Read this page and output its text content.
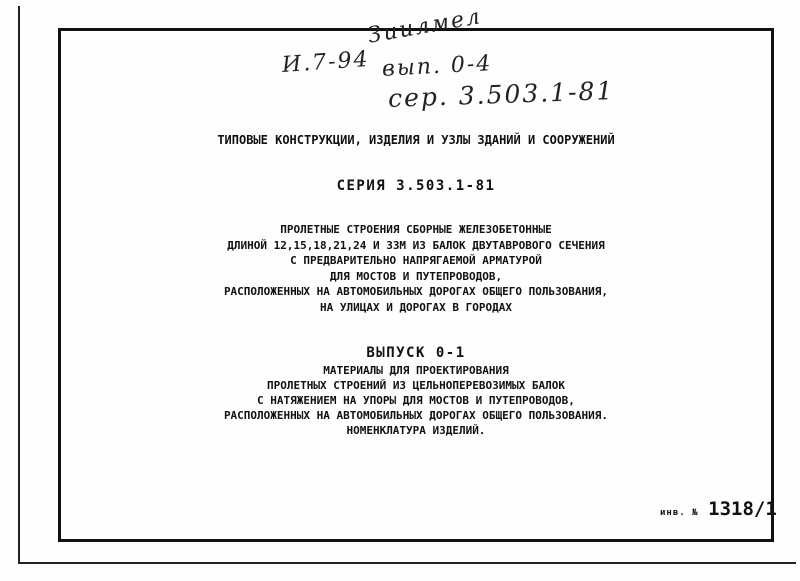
Зиилмел
И.7-94 вып. 0-4
сер. 3.503.1-81
ТИПОВЫЕ КОНСТРУКЦИИ, ИЗДЕЛИЯ И УЗЛЫ ЗДАНИЙ И СООРУЖЕНИЙ
СЕРИЯ 3.503.1-81
ПРОЛЕТНЫЕ СТРОЕНИЯ СБОРНЫЕ ЖЕЛЕЗОБЕТОННЫЕ
ДЛИНОЙ 12,15,18,21,24 И 33М ИЗ БАЛОК ДВУТАВРОВОГО СЕЧЕНИЯ
С ПРЕДВАРИТЕЛЬНО НАПРЯГАЕМОЙ АРМАТУРОЙ
ДЛЯ МОСТОВ И ПУТЕПРОВОДОВ,
РАСПОЛОЖЕННЫХ НА АВТОМОБИЛЬНЫХ ДОРОГАХ ОБЩЕГО ПОЛЬЗОВАНИЯ,
НА УЛИЦАХ И ДОРОГАХ В ГОРОДАХ
ВЫПУСК 0-1
МАТЕРИАЛЫ ДЛЯ ПРОЕКТИРОВАНИЯ
ПРОЛЕТНЫХ СТРОЕНИЙ ИЗ ЦЕЛЬНОПЕРЕВОЗИМЫХ БАЛОК
С НАТЯЖЕНИЕМ НА УПОРЫ ДЛЯ МОСТОВ И ПУТЕПРОВОДОВ,
РАСПОЛОЖЕННЫХ НА АВТОМОБИЛЬНЫХ ДОРОГАХ ОБЩЕГО ПОЛЬЗОВАНИЯ.
НОМЕНКЛАТУРА ИЗДЕЛИЙ.
инв. № 1318/1
